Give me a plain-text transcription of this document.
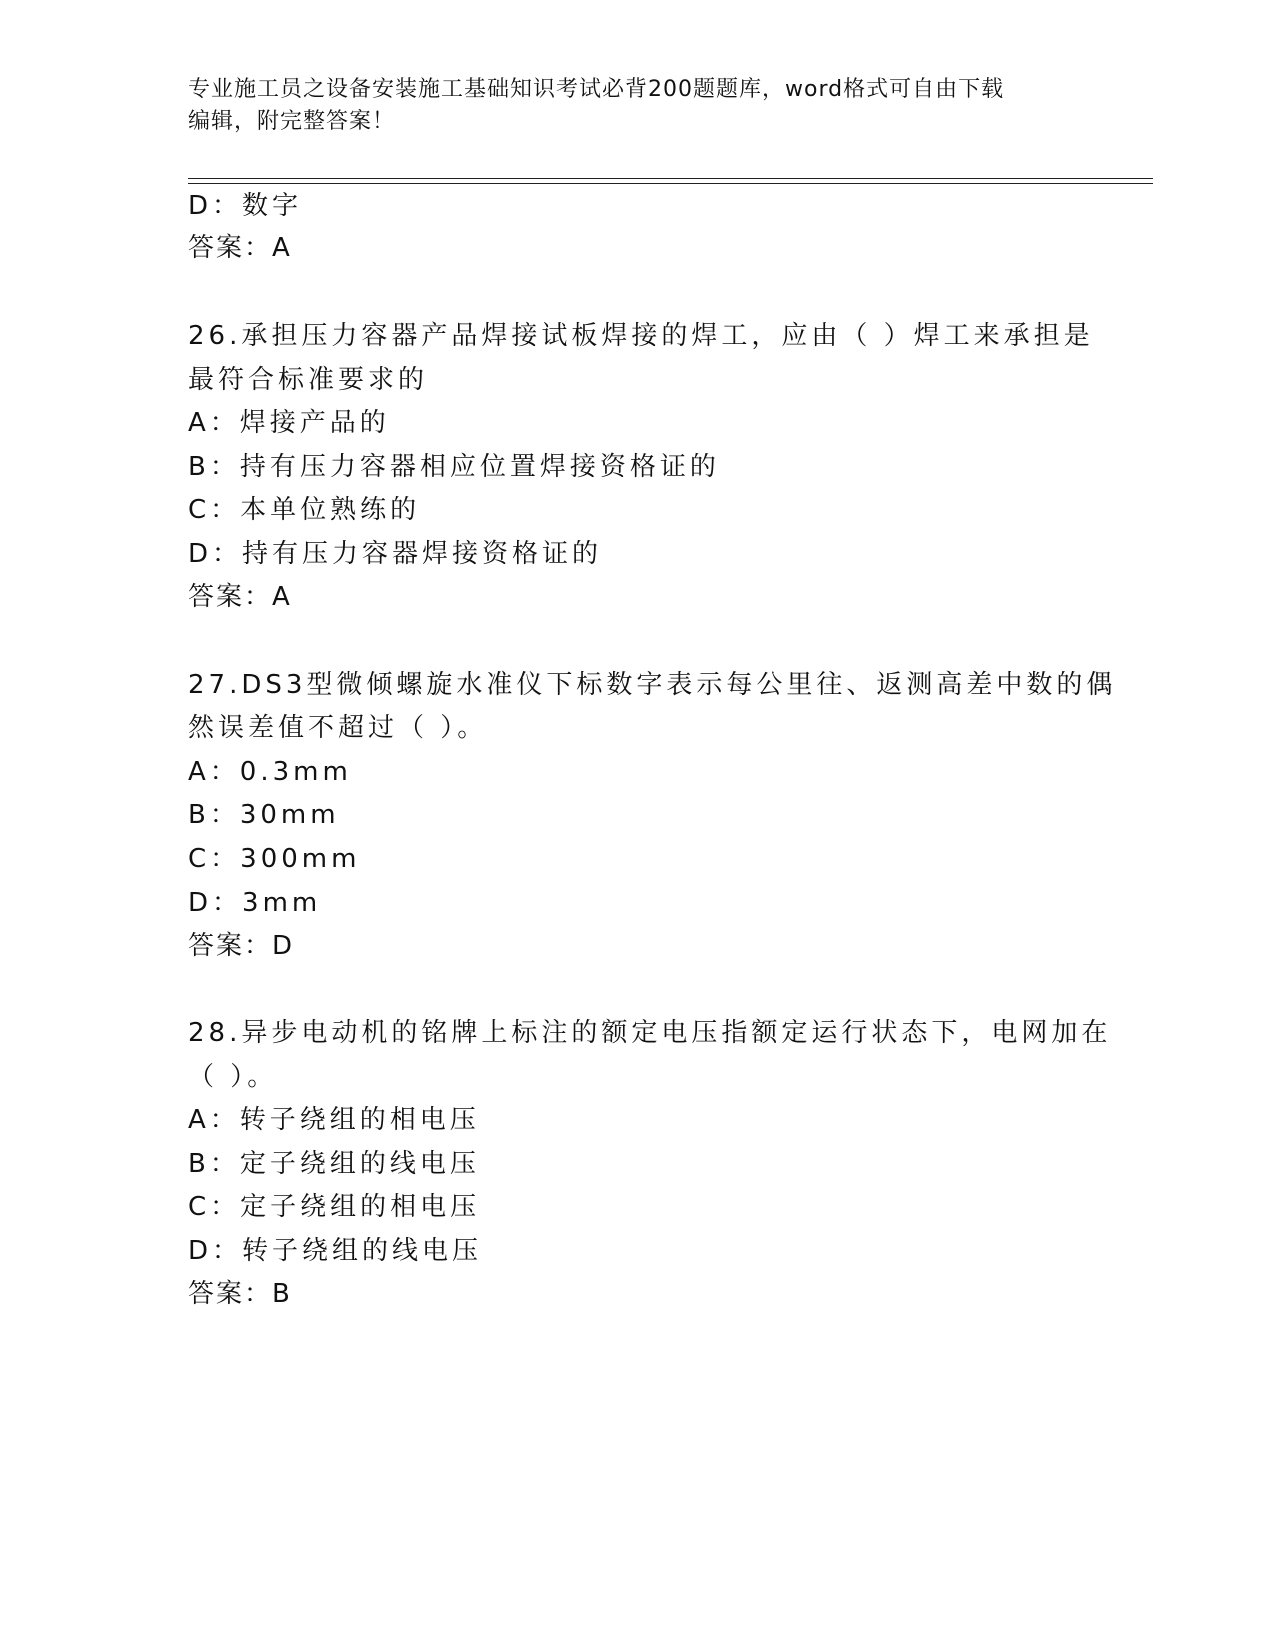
专业施工员之设备安装施工基础知识考试必背200题题库，word格式可自由下载
编辑，附完整答案！
D：数字
答案：A
26.承担压力容器产品焊接试板焊接的焊工，应由（ ）焊工来承担是
最符合标准要求的
A：焊接产品的
B：持有压力容器相应位置焊接资格证的
C：本单位熟练的
D：持有压力容器焊接资格证的
答案：A
27.DS3型微倾螺旋水准仪下标数字表示每公里往、返测高差中数的偶
然误差值不超过（ ）。
A：0.3mm
B：30mm
C：300mm
D：3mm
答案：D
28.异步电动机的铭牌上标注的额定电压指额定运行状态下，电网加在
（ ）。
A：转子绕组的相电压
B：定子绕组的线电压
C：定子绕组的相电压
D：转子绕组的线电压
答案：B
